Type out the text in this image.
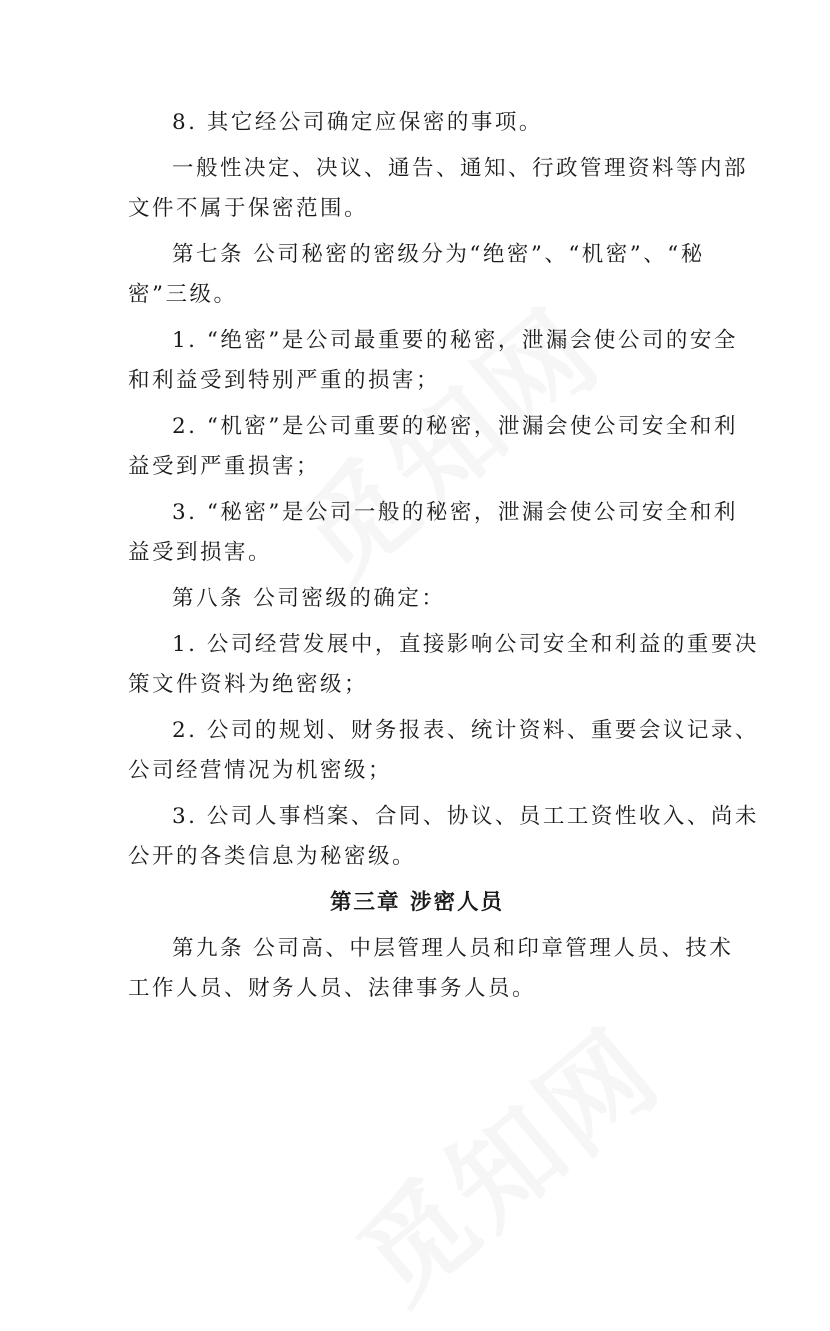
8. 其它经公司确定应保密的事项。
一般性决定、决议、通告、通知、行政管理资料等内部
文件不属于保密范围。
第七条 公司秘密的密级分为“绝密”、“机密”、“秘
密”三级。
1. “绝密”是公司最重要的秘密，泄漏会使公司的安全
和利益受到特别严重的损害；
2. “机密”是公司重要的秘密，泄漏会使公司安全和利
益受到严重损害；
3. “秘密”是公司一般的秘密，泄漏会使公司安全和利
益受到损害。
第八条 公司密级的确定：
1. 公司经营发展中，直接影响公司安全和利益的重要决
策文件资料为绝密级；
2. 公司的规划、财务报表、统计资料、重要会议记录、
公司经营情况为机密级；
3. 公司人事档案、合同、协议、员工工资性收入、尚未
公开的各类信息为秘密级。
第三章 涉密人员
第九条 公司高、中层管理人员和印章管理人员、技术
工作人员、财务人员、法律事务人员。
